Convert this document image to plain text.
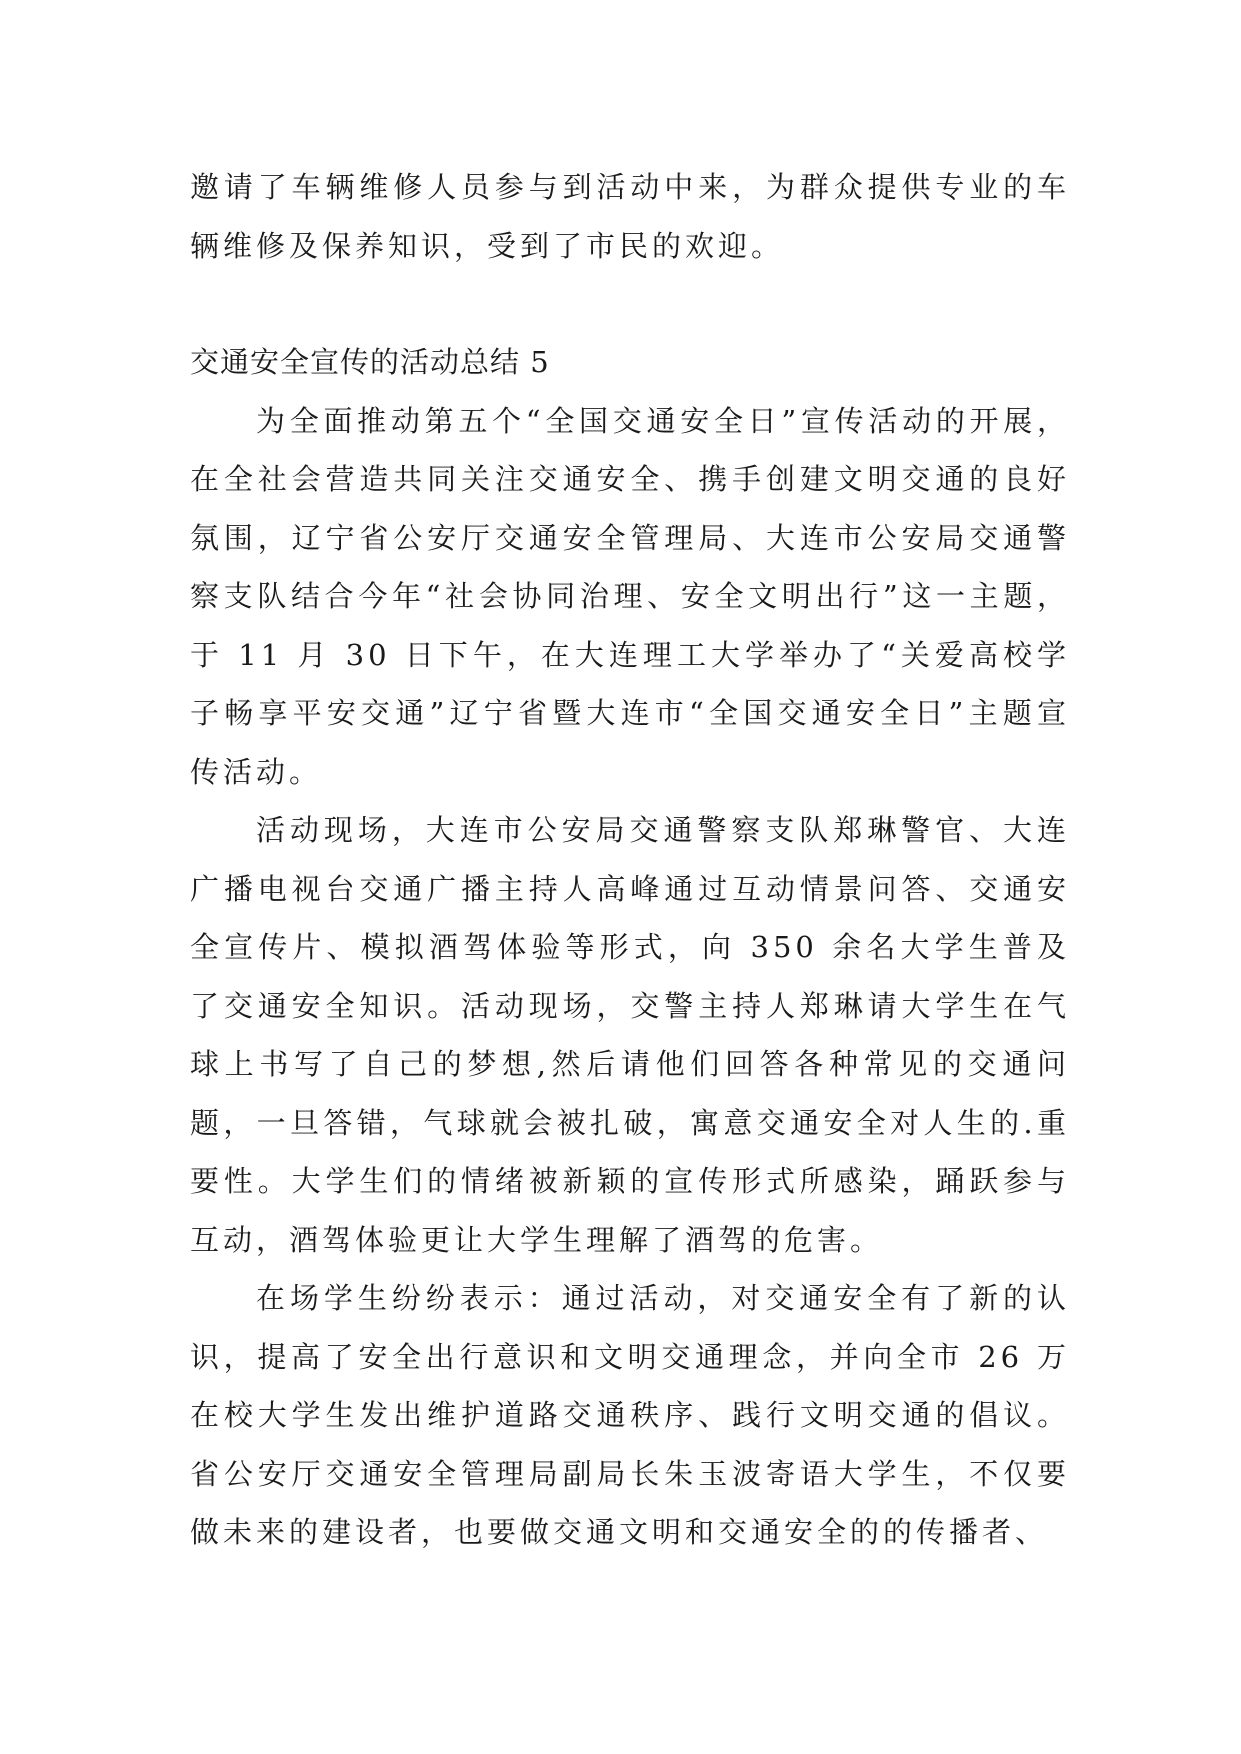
邀请了车辆维修人员参与到活动中来，为群众提供专业的车辆维修及保养知识，受到了市民的欢迎。

交通安全宣传的活动总结 5

为全面推动第五个“全国交通安全日”宣传活动的开展，在全社会营造共同关注交通安全、携手创建文明交通的良好氛围，辽宁省公安厅交通安全管理局、大连市公安局交通警察支队结合今年“社会协同治理、安全文明出行”这一主题，于 11 月 30 日下午，在大连理工大学举办了“关爱高校学子畅享平安交通”辽宁省暨大连市“全国交通安全日”主题宣传活动。

活动现场，大连市公安局交通警察支队郑琳警官、大连广播电视台交通广播主持人高峰通过互动情景问答、交通安全宣传片、模拟酒驾体验等形式，向 350 余名大学生普及了交通安全知识。活动现场，交警主持人郑琳请大学生在气球上书写了自己的梦想,然后请他们回答各种常见的交通问题，一旦答错，气球就会被扎破，寓意交通安全对人生的.重要性。大学生们的情绪被新颖的宣传形式所感染，踊跃参与互动，酒驾体验更让大学生理解了酒驾的危害。

在场学生纷纷表示：通过活动，对交通安全有了新的认识，提高了安全出行意识和文明交通理念，并向全市 26 万在校大学生发出维护道路交通秩序、践行文明交通的倡议。省公安厅交通安全管理局副局长朱玉波寄语大学生，不仅要做未来的建设者，也要做交通文明和交通安全的的传播者、
